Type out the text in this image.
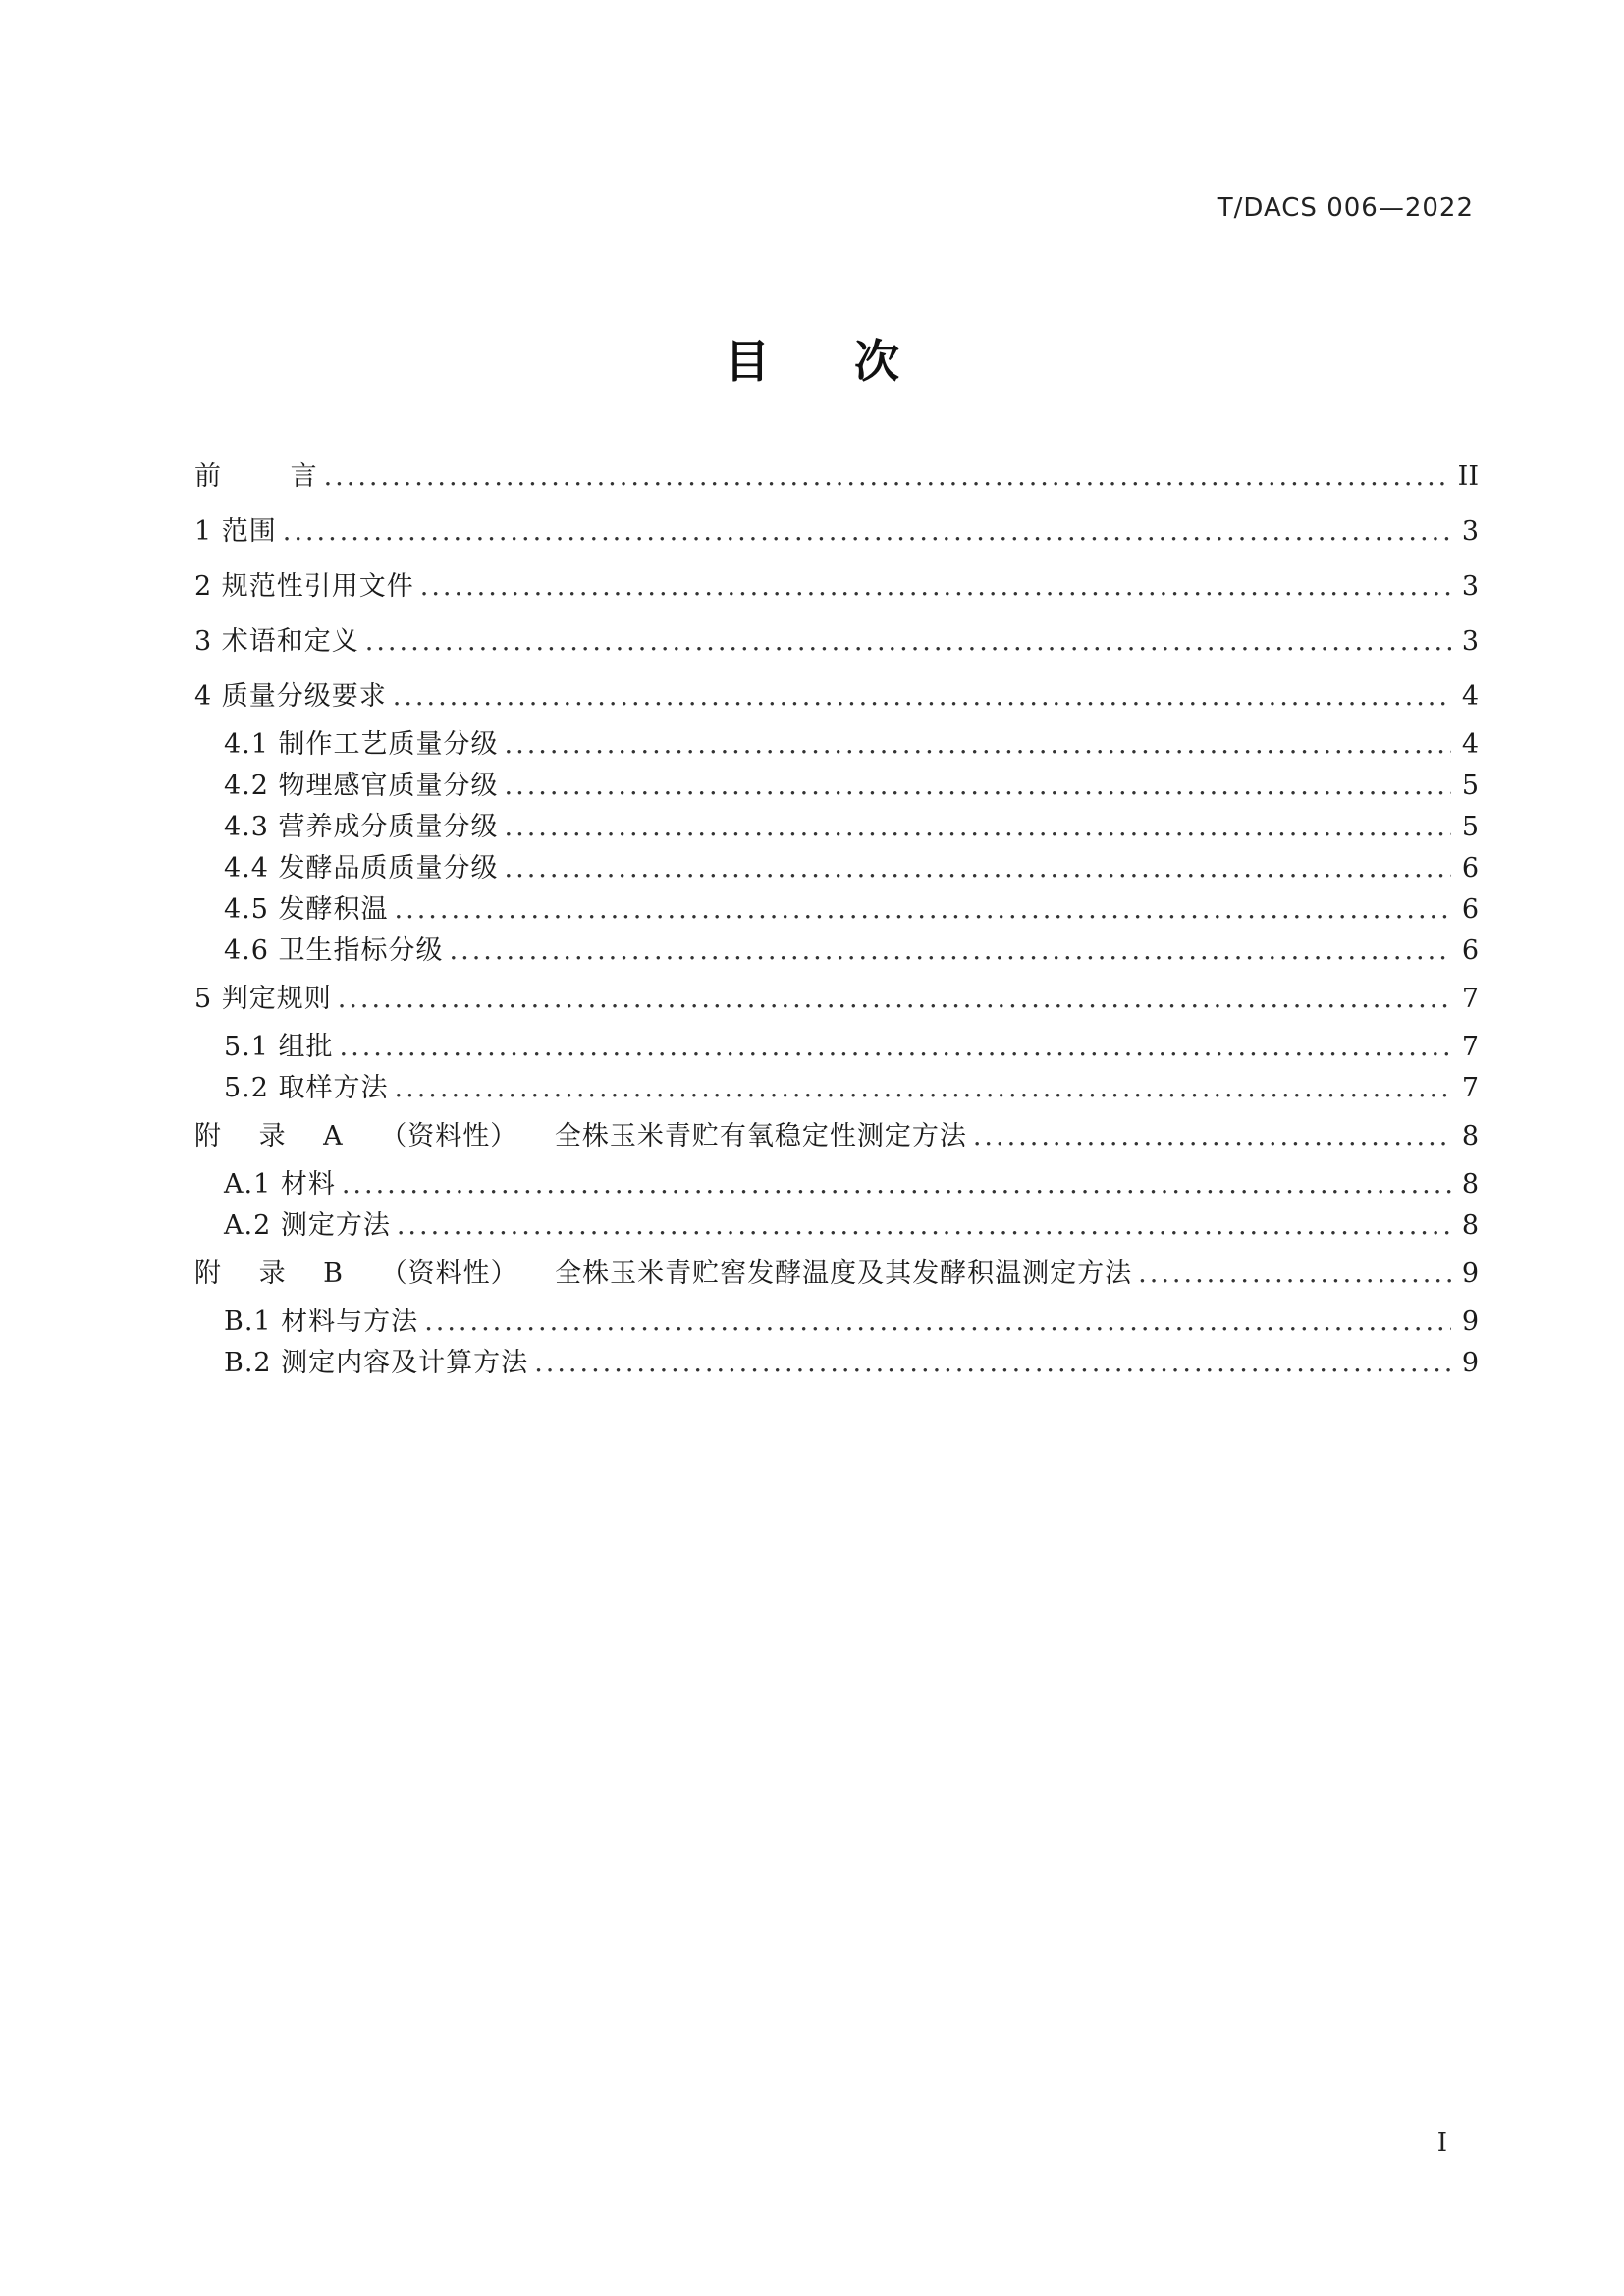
T/DACS 006—2022
目 次
前 言 .....	II
1 范围 .....	3
2 规范性引用文件 .....	3
3 术语和定义 .....	3
4 质量分级要求 .....	4
4.1 制作工艺质量分级 .....	4
4.2 物理感官质量分级 .....	5
4.3 营养成分质量分级 .....	5
4.4 发酵品质质量分级 .....	6
4.5 发酵积温 .....	6
4.6 卫生指标分级 .....	6
5 判定规则 .....	7
5.1 组批 .....	7
5.2 取样方法 .....	7
附 录 A （资料性） 全株玉米青贮有氧稳定性测定方法 .....	8
A.1 材料 .....	8
A.2 测定方法 .....	8
附 录 B （资料性） 全株玉米青贮窖发酵温度及其发酵积温测定方法 .....	9
B.1 材料与方法 .....	9
B.2 测定内容及计算方法 .....	9
I
